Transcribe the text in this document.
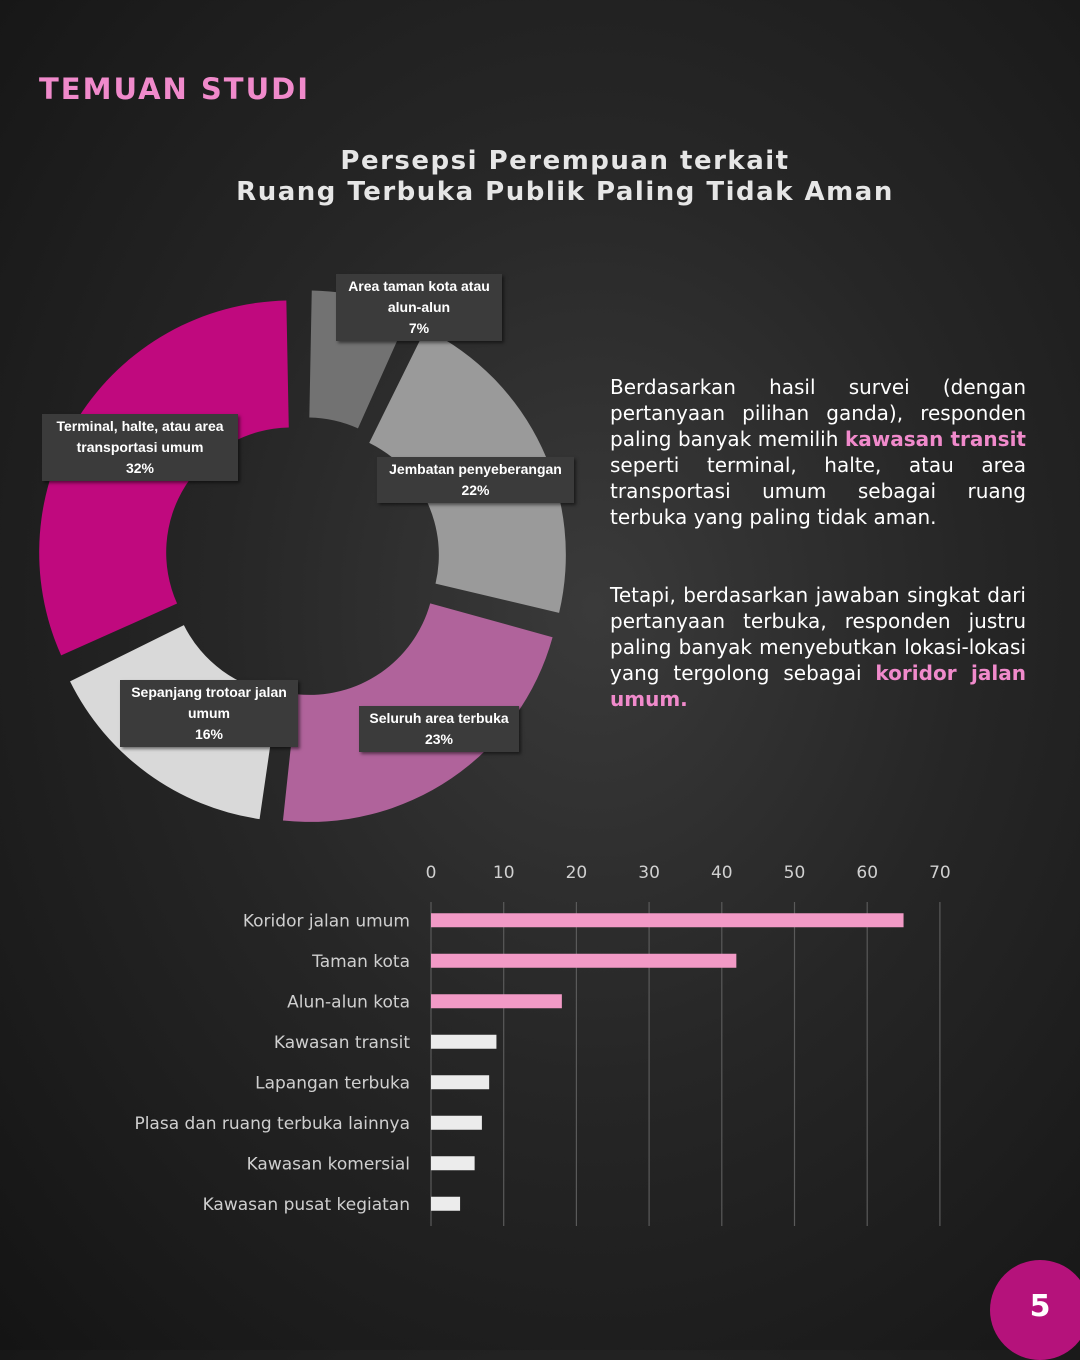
TEMUAN STUDI
Persepsi Perempuan terkait
Ruang Terbuka Publik Paling Tidak Aman
Area taman kota atau alun-alun
7%
Jembatan penyeberangan
22%
Seluruh area terbuka
23%
Sepanjang trotoar jalan umum
16%
Terminal, halte, atau area transportasi umum
32%
Berdasarkan hasil survei (dengan pertanyaan pilihan ganda), responden paling banyak memilih kawasan transit seperti terminal, halte, atau area transportasi umum sebagai ruang terbuka yang paling tidak aman.
Tetapi, berdasarkan jawaban singkat dari pertanyaan terbuka, responden justru paling banyak menyebutkan lokasi-lokasi yang tergolong sebagai koridor jalan umum.
0	10	20	30	40	50	60	70
Koridor jalan umum
Taman kota
Alun-alun kota
Kawasan transit
Lapangan terbuka
Plasa dan ruang terbuka lainnya
Kawasan komersial
Kawasan pusat kegiatan
5
